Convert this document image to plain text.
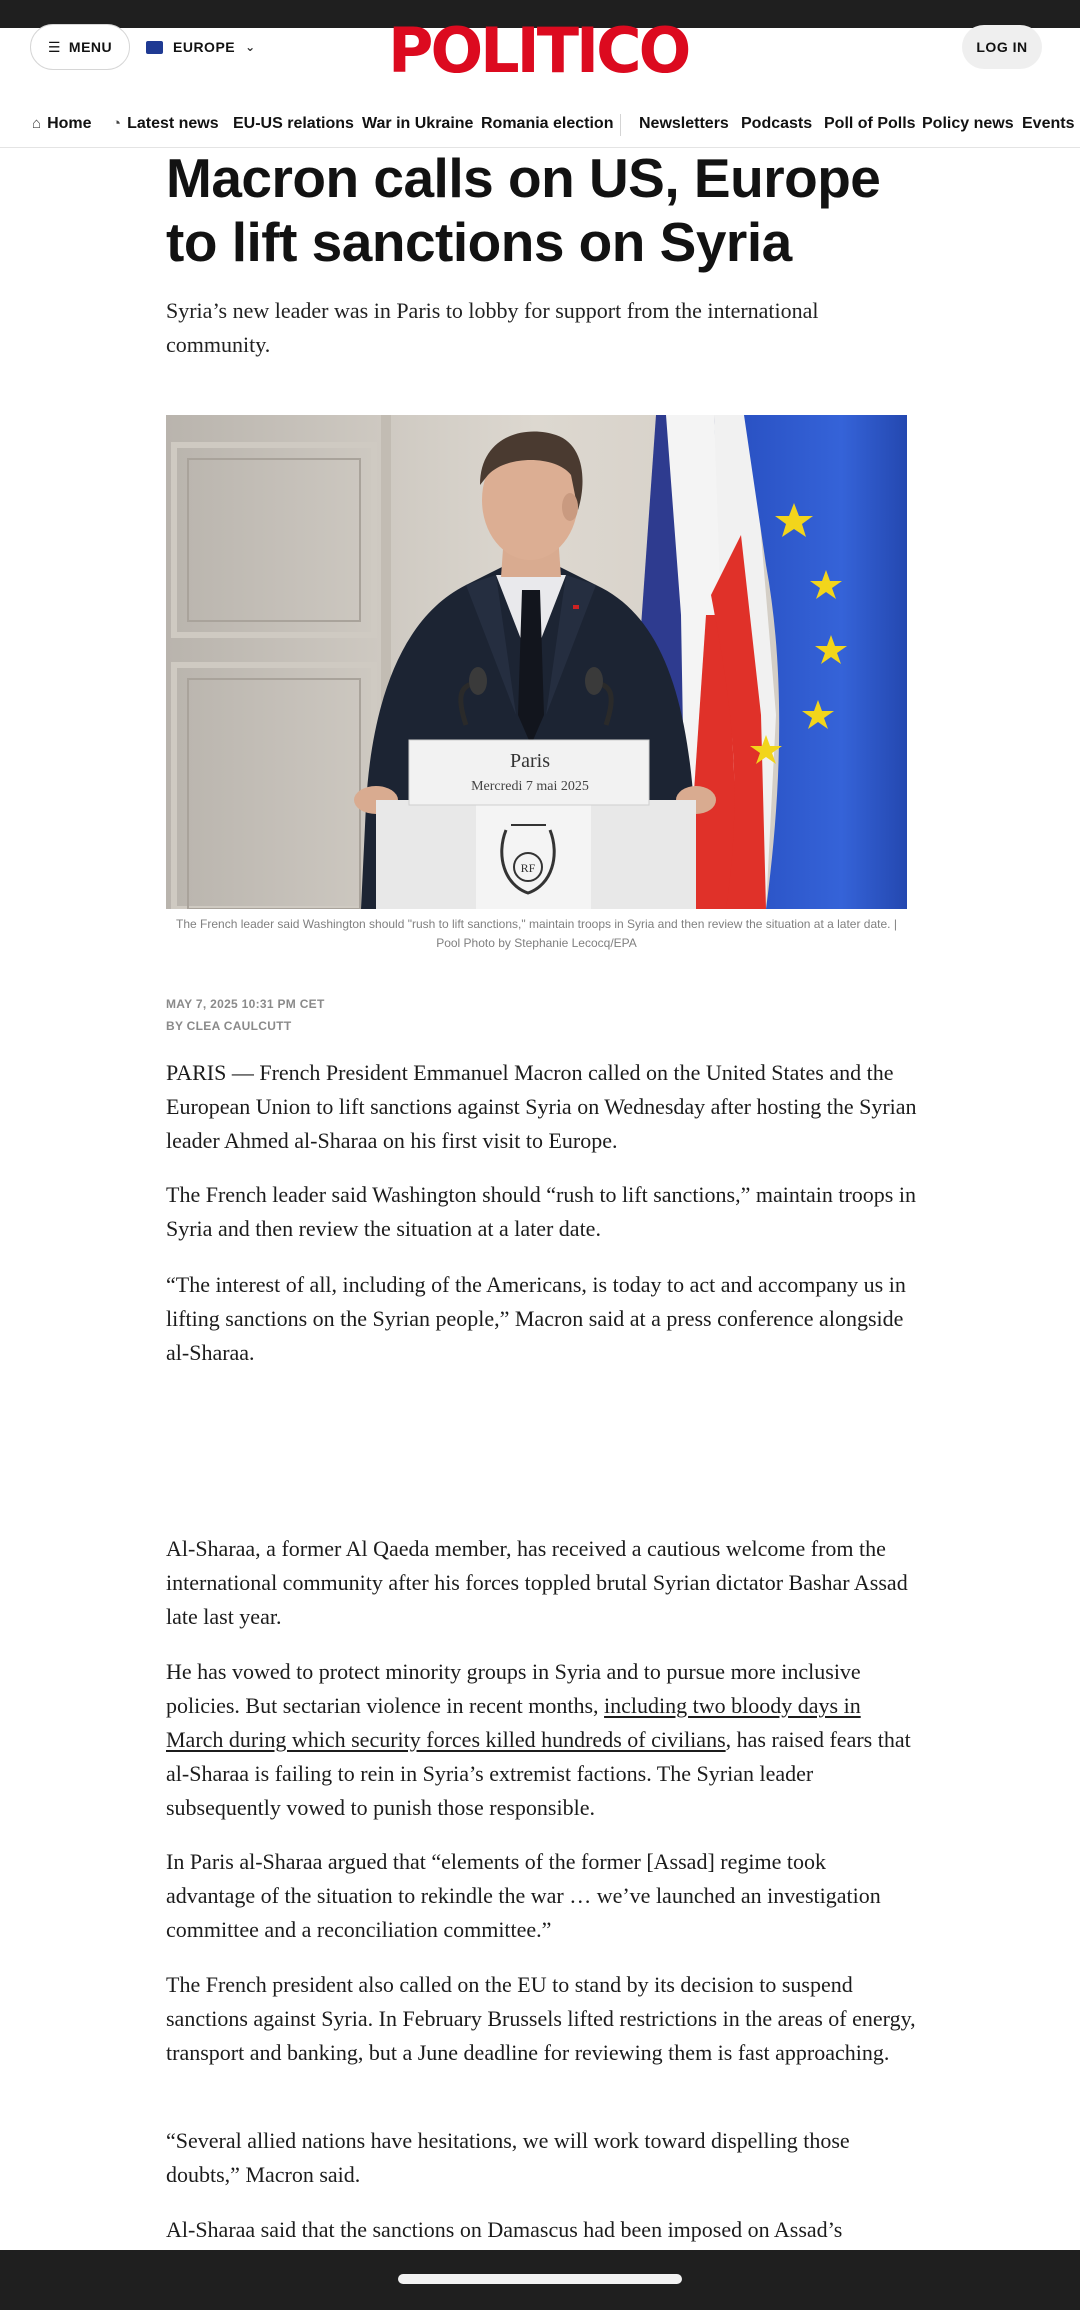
☰ MENU	EUROPE ⌄ POLITICO	LOG IN
⌂ Home ◔ Latest news EU-US relations War in Ukraine Romania election Newsletters Podcasts Poll of Polls Policy news Events
Macron calls on US, Europe to lift sanctions on Syria

Syria’s new leader was in Paris to lobby for support from the international community.

Paris
Mercredi 7 mai 2025
RF
The French leader said Washington should "rush to lift sanctions," maintain troops in Syria and then review the situation at a later date. | Pool Photo by Stephanie Lecocq/EPA
MAY 7, 2025 10:31 PM CET
BY CLEA CAULCUTT

PARIS — French President Emmanuel Macron called on the United States and the European Union to lift sanctions against Syria on Wednesday after hosting the Syrian leader Ahmed al-Sharaa on his first visit to Europe.

The French leader said Washington should “rush to lift sanctions,” maintain troops in Syria and then review the situation at a later date.

“The interest of all, including of the Americans, is today to act and accompany us in lifting sanctions on the Syrian people,” Macron said at a press conference alongside al-Sharaa.

Al-Sharaa, a former Al Qaeda member, has received a cautious welcome from the international community after his forces toppled brutal Syrian dictator Bashar Assad late last year.

He has vowed to protect minority groups in Syria and to pursue more inclusive policies. But sectarian violence in recent months, including two bloody days in March during which security forces killed hundreds of civilians, has raised fears that al-Sharaa is failing to rein in Syria’s extremist factions. The Syrian leader subsequently vowed to punish those responsible.

In Paris al-Sharaa argued that “elements of the former [Assad] regime took advantage of the situation to rekindle the war … we’ve launched an investigation committee and a reconciliation committee.”

The French president also called on the EU to stand by its decision to suspend sanctions against Syria. In February Brussels lifted restrictions in the areas of energy, transport and banking, but a June deadline for reviewing them is fast approaching.

“Several allied nations have hesitations, we will work toward dispelling those doubts,” Macron said.

Al-Sharaa said that the sanctions on Damascus had been imposed on Assad’s
